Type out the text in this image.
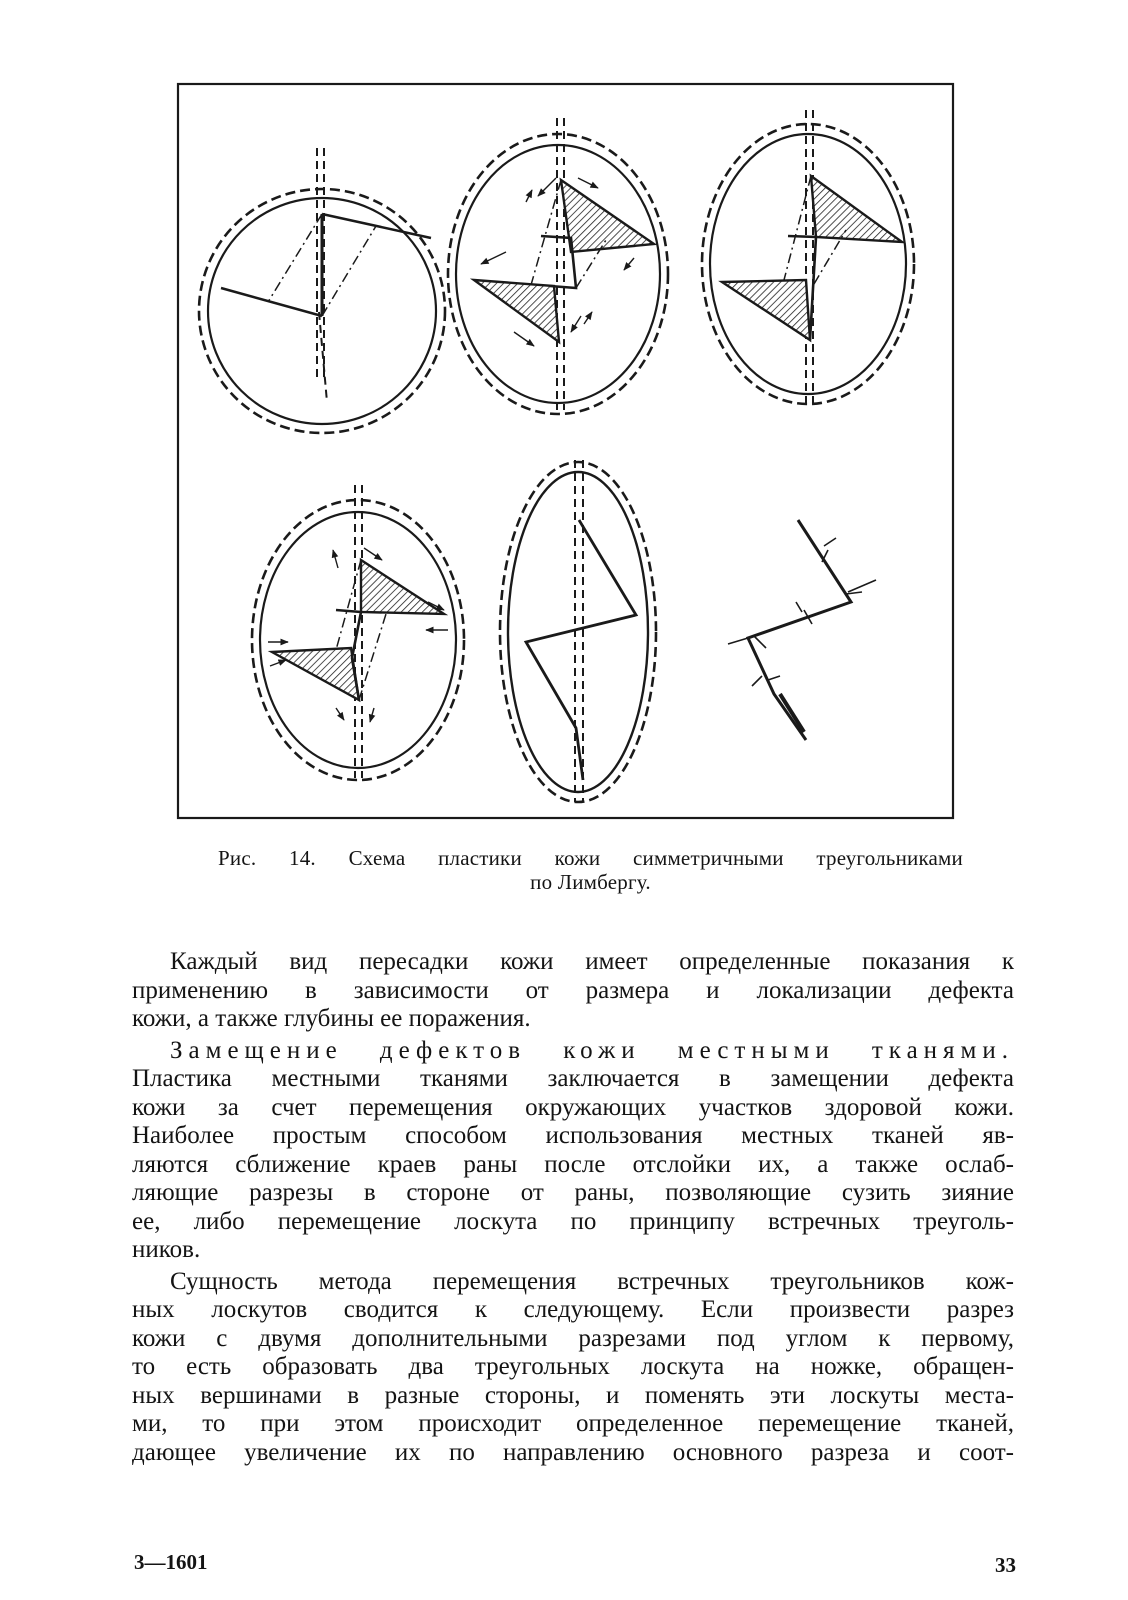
Рис. 14. Схема пластики кожи симметричными треугольниками
по Лимбергу.
Каждый вид пересадки кожи имеет определенные показания к
применению в зависимости от размера и локализации дефекта
кожи, а также глубины ее поражения.
Замещение дефектов кожи местными тканями.
Пластика местными тканями заключается в замещении дефекта
кожи за счет перемещения окружающих участков здоровой кожи.
Наиболее простым способом использования местных тканей яв-
ляются сближение краев раны после отслойки их, а также ослаб-
ляющие разрезы в стороне от раны, позволяющие сузить зияние
ее, либо перемещение лоскута по принципу встречных треуголь-
ников.
Сущность метода перемещения встречных треугольников кож-
ных лоскутов сводится к следующему. Если произвести разрез
кожи с двумя дополнительными разрезами под углом к первому,
то есть образовать два треугольных лоскута на ножке, обращен-
ных вершинами в разные стороны, и поменять эти лоскуты места-
ми, то при этом происходит определенное перемещение тканей,
дающее увеличение их по направлению основного разреза и соот-
3—1601	33
